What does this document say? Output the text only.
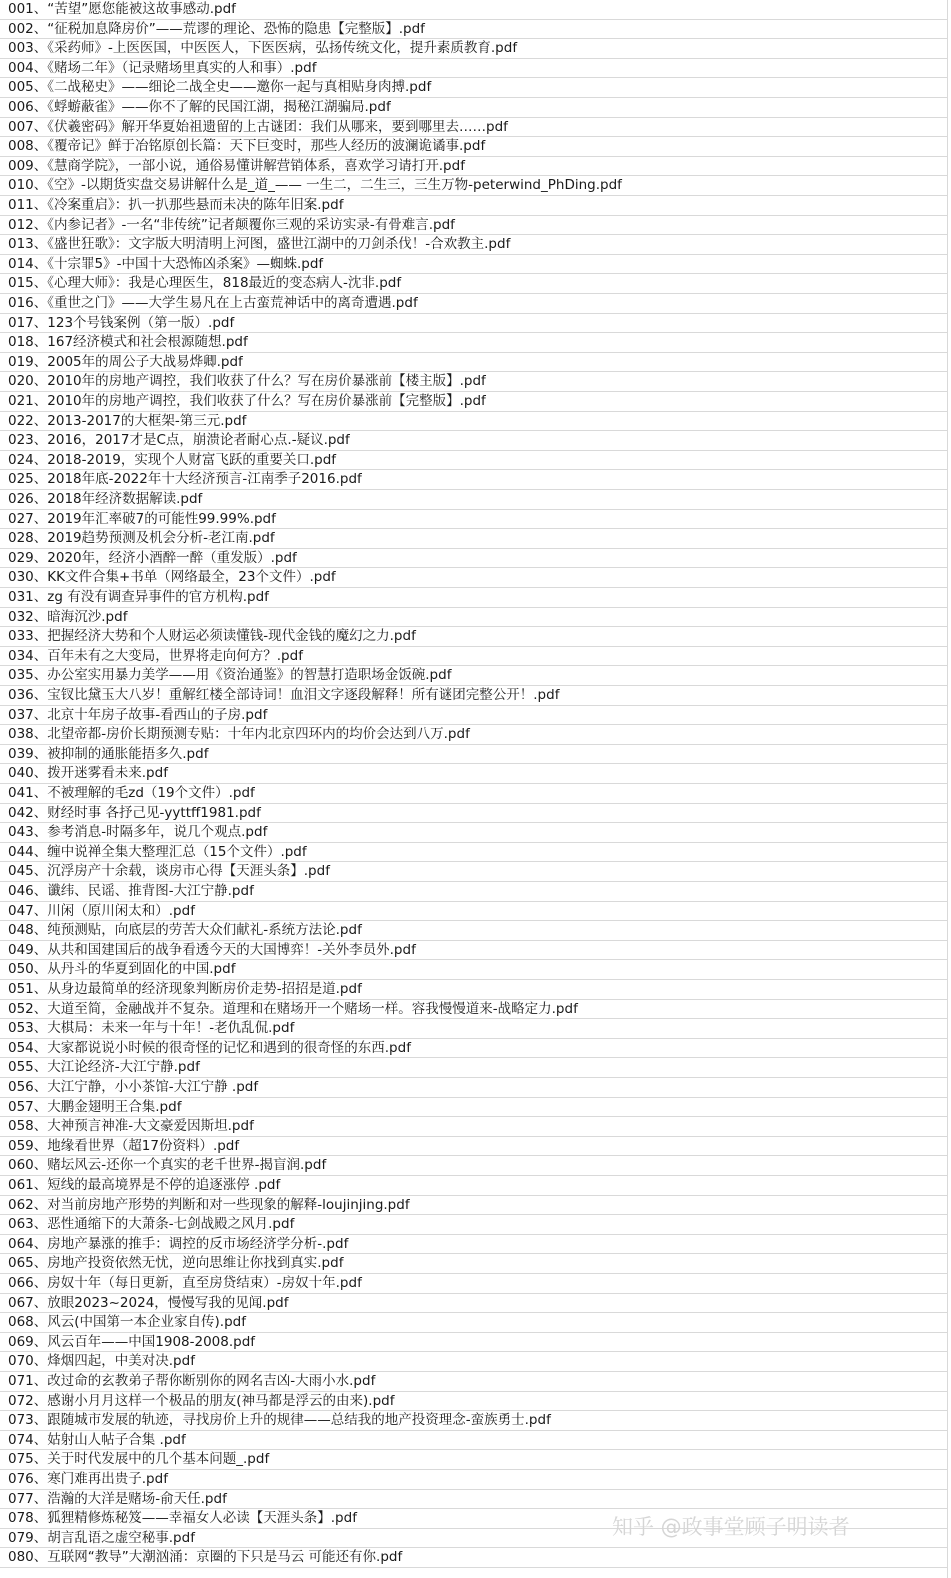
001、“苦望”愿您能被这故事感动.pdf
002、“征税加息降房价”——荒谬的理论、恐怖的隐患【完整版】.pdf
003、《采药师》-上医医国，中医医人，下医医病，弘扬传统文化，提升素质教育.pdf
004、《赌场二年》（记录赌场里真实的人和事）.pdf
005、《二战秘史》——细论二战全史——邀你一起与真相贴身肉搏.pdf
006、《蜉蝣蔽雀》——你不了解的民国江湖，揭秘江湖骗局.pdf
007、《伏羲密码》解开华夏始祖遗留的上古谜团：我们从哪来，要到哪里去……pdf
008、《覆帝记》鲜于冶铭原创长篇：天下巨变时，那些人经历的波澜诡谲事.pdf
009、《慧商学院》，一部小说，通俗易懂讲解营销体系，喜欢学习请打开.pdf
010、《空》-以期货实盘交易讲解什么是_道_—— 一生二，二生三，三生万物-peterwind_PhDing.pdf
011、《冷案重启》：扒一扒那些悬而未决的陈年旧案.pdf
012、《内参记者》-一名“非传统”记者颠覆你三观的采访实录-有骨难言.pdf
013、《盛世狂歌》：文字版大明清明上河图，盛世江湖中的刀剑杀伐！-合欢教主.pdf
014、《十宗罪5》-中国十大恐怖凶杀案》—蜘蛛.pdf
015、《心理大师》：我是心理医生，818最近的变态病人-沈非.pdf
016、《重世之门》——大学生易凡在上古蛮荒神话中的离奇遭遇.pdf
017、123个号钱案例（第一版）.pdf
018、167经济模式和社会根源随想.pdf
019、2005年的周公子大战易烨卿.pdf
020、2010年的房地产调控，我们收获了什么？写在房价暴涨前【楼主版】.pdf
021、2010年的房地产调控，我们收获了什么？写在房价暴涨前【完整版】.pdf
022、2013-2017的大框架-第三元.pdf
023、2016，2017才是C点，崩溃论者耐心点.-疑议.pdf
024、2018-2019，实现个人财富飞跃的重要关口.pdf
025、2018年底-2022年十大经济预言-江南季子2016.pdf
026、2018年经济数据解读.pdf
027、2019年汇率破7的可能性99.99%.pdf
028、2019趋势预测及机会分析-老江南.pdf
029、2020年，经济小酒醉一醉（重发版）.pdf
030、KK文件合集+书单（网络最全，23个文件）.pdf
031、zg 有没有调查异事件的官方机构.pdf
032、暗海沉沙.pdf
033、把握经济大势和个人财运必须读懂钱-现代金钱的魔幻之力.pdf
034、百年未有之大变局，世界将走向何方？.pdf
035、办公室实用暴力美学——用《资治通鉴》的智慧打造职场金饭碗.pdf
036、宝钗比黛玉大八岁！重解红楼全部诗词！血泪文字逐段解释！所有谜团完整公开！.pdf
037、北京十年房子故事-看西山的子房.pdf
038、北望帝都-房价长期预测专贴：十年内北京四环内的均价会达到八万.pdf
039、被抑制的通胀能捂多久.pdf
040、拨开迷雾看未来.pdf
041、不被理解的毛zd（19个文件）.pdf
042、财经时事 各抒己见-yyttff1981.pdf
043、参考消息-时隔多年，说几个观点.pdf
044、缠中说禅全集大整理汇总（15个文件）.pdf
045、沉浮房产十余载，谈房市心得【天涯头条】.pdf
046、谶纬、民谣、推背图-大江宁静.pdf
047、川闲（原川闲太和）.pdf
048、纯预测贴，向底层的劳苦大众们献礼-系统方法论.pdf
049、从共和国建国后的战争看透今天的大国博弈！-关外李员外.pdf
050、从丹斗的华夏到固化的中国.pdf
051、从身边最简单的经济现象判断房价走势-招招是道.pdf
052、大道至简，金融战并不复杂。道理和在赌场开一个赌场一样。容我慢慢道来-战略定力.pdf
053、大棋局：未来一年与十年！-老仇乱侃.pdf
054、大家都说说小时候的很奇怪的记忆和遇到的很奇怪的东西.pdf
055、大江论经济-大江宁静.pdf
056、大江宁静，小小茶馆-大江宁静 .pdf
057、大鹏金翅明王合集.pdf
058、大神预言神准-大文豪爱因斯坦.pdf
059、地缘看世界（超17份资料）.pdf
060、赌坛风云-还你一个真实的老千世界-揭盲润.pdf
061、短线的最高境界是不停的追逐涨停 .pdf
062、对当前房地产形势的判断和对一些现象的解释-loujinjing.pdf
063、恶性通缩下的大萧条-七剑战殿之风月.pdf
064、房地产暴涨的推手：调控的反市场经济学分析-.pdf
065、房地产投资依然无忧，逆向思维让你找到真实.pdf
066、房奴十年（每日更新，直至房贷结束）-房奴十年.pdf
067、放眼2023~2024，慢慢写我的见闻.pdf
068、风云(中国第一本企业家自传).pdf
069、风云百年——中国1908-2008.pdf
070、烽烟四起，中美对决.pdf
071、改过命的玄教弟子帮你断别你的网名吉凶-大雨小水.pdf
072、感谢小月月这样一个极品的朋友(神马都是浮云的由来).pdf
073、跟随城市发展的轨迹，寻找房价上升的规律——总结我的地产投资理念-蛮族勇士.pdf
074、姑射山人帖子合集 .pdf
075、关于时代发展中的几个基本问题_.pdf
076、寒门难再出贵子.pdf
077、浩瀚的大洋是赌场-俞天任.pdf
078、狐狸精修炼秘笈——幸福女人必读【天涯头条】.pdf
079、胡言乱语之虚空秘事.pdf
080、互联网“教导”大潮汹涌：京圈的下只是马云 可能还有你.pdf
知乎 @政事堂顾子明读者
